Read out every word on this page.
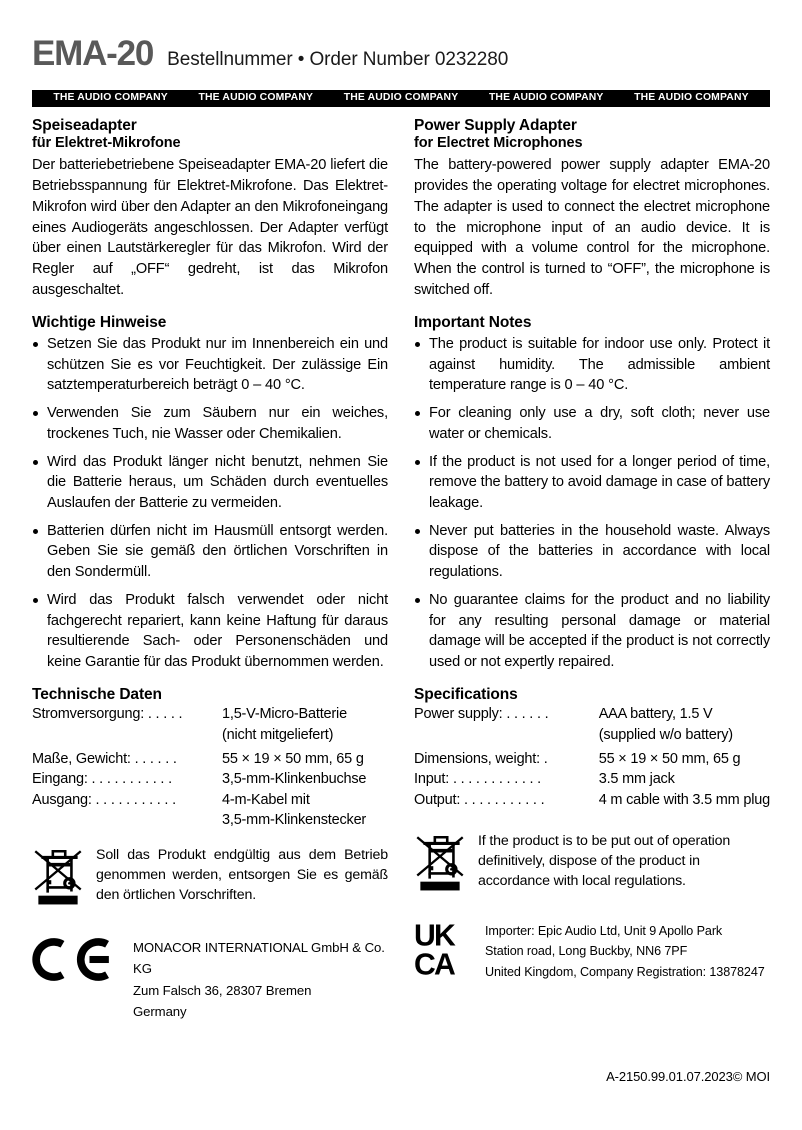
EMA-20 Bestellnummer • Order Number 0232280
THE AUDIO COMPANY	THE AUDIO COMPANY	THE AUDIO COMPANY	THE AUDIO COMPANY	THE AUDIO COMPANY
Speiseadapter
für Elektret-Mikrofone

Der batteriebetriebene Speiseadapter EMA-20 liefert die Betriebsspannung für Elektret-Mikrofone. Das Elektret-Mikrofon wird über den Adapter an den Mikrofoneingang eines Audiogeräts angeschlossen. Der Adapter verfügt über einen Lautstärkeregler für das Mikrofon. Wird der Regler auf „OFF“ gedreht, ist das Mikrofon ausgeschaltet.

Wichtige Hinweise
Setzen Sie das Produkt nur im Innenbereich ein und schützen Sie es vor Feuchtigkeit. Der zulässige Ein satztemperaturbereich beträgt 0 – 40 °C.
Verwenden Sie zum Säubern nur ein weiches, trockenes Tuch, nie Wasser oder Chemikalien.
Wird das Produkt länger nicht benutzt, nehmen Sie die Batterie heraus, um Schäden durch eventuelles Auslaufen der Batterie zu vermeiden.
Batterien dürfen nicht im Hausmüll entsorgt werden. Geben Sie sie gemäß den örtlichen Vorschriften in den Sondermüll.
Wird das Produkt falsch verwendet oder nicht fachgerecht repariert, kann keine Haftung für daraus resultierende Sach- oder Personenschäden und keine Garantie für das Produkt übernommen werden.
Technische Daten
Stromversorgung: . . . . .	1,5-V-Micro-Batterie
	(nicht mitgeliefert)
Maße, Gewicht: . . . . . .	55 × 19 × 50 mm, 65 g
Eingang: . . . . . . . . . . .	3,5-mm-Klinkenbuchse
Ausgang: . . . . . . . . . . .	4-m-Kabel mit
	3,5-mm-Klinkenstecker
Soll das Produkt endgültig aus dem Betrieb genommen werden, entsorgen Sie es gemäß den örtlichen Vorschriften.
MONACOR INTERNATIONAL GmbH & Co. KG
Zum Falsch 36, 28307 Bremen
Germany
Power Supply Adapter
for Electret Microphones

The battery-powered power supply adapter EMA-20 provides the operating voltage for electret microphones. The adapter is used to connect the electret microphone to the microphone input of an audio device. It is equipped with a volume control for the microphone. When the control is turned to “OFF”, the microphone is switched off.

Important Notes
The product is suitable for indoor use only. Protect it against humidity. The admissible ambient temperature range is 0 – 40 °C.
For cleaning only use a dry, soft cloth; never use water or chemicals.
If the product is not used for a longer period of time, remove the battery to avoid damage in case of battery leakage.
Never put batteries in the household waste. Always dispose of the batteries in accordance with local regulations.
No guarantee claims for the product and no liability for any resulting personal damage or material damage will be accepted if the product is not correctly used or not expertly repaired.
Specifications
Power supply: . . . . . .	AAA battery, 1.5 V
	(supplied w/o battery)
Dimensions, weight: .	55 × 19 × 50 mm, 65 g
Input: . . . . . . . . . . . .	3.5 mm jack
Output: . . . . . . . . . . .	4 m cable with 3.5 mm plug
If the product is to be put out of operation definitively, dispose of the product in accordance with local regulations.
UK
CA
Importer: Epic Audio Ltd, Unit 9 Apollo Park
Station road, Long Buckby, NN6 7PF
United Kingdom, Company Registration: 13878247
A-2150.99.01.07.2023© MOI
